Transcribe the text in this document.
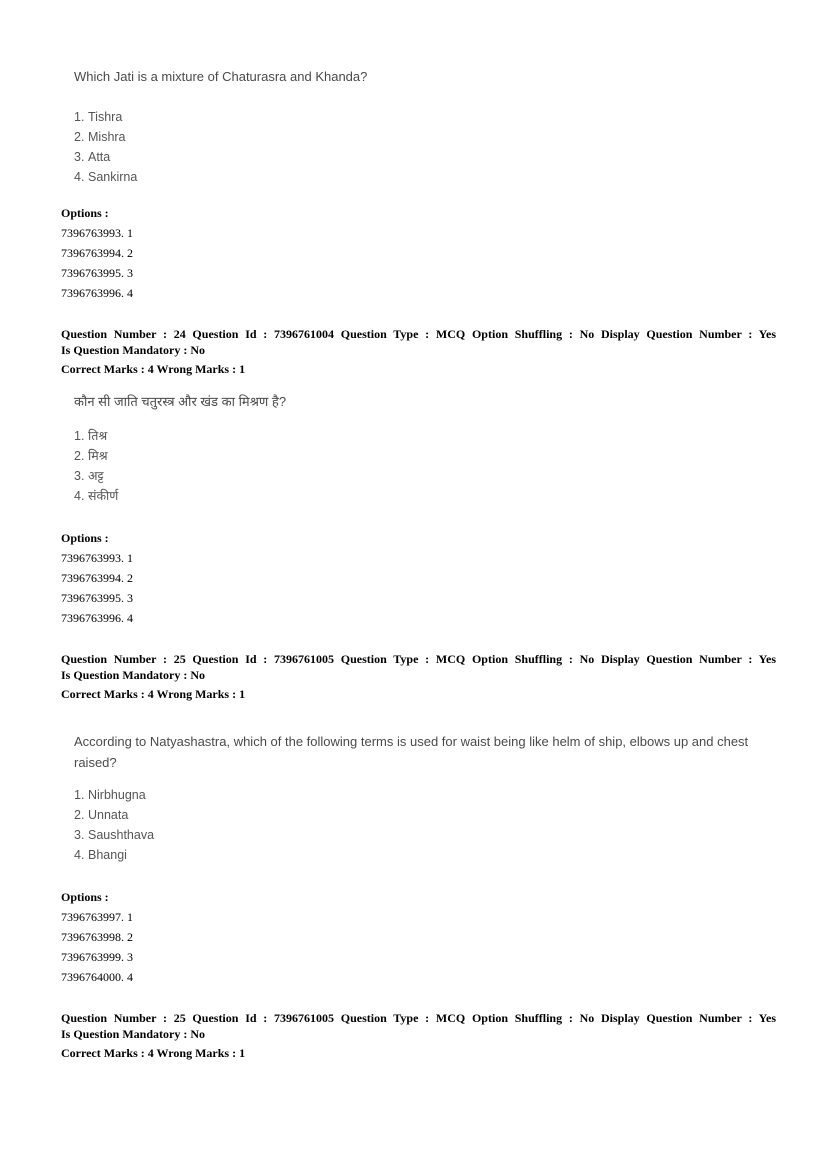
Which Jati is a mixture of Chaturasra and Khanda?
1. Tishra
2. Mishra
3. Atta
4. Sankirna
Options :
7396763993. 1
7396763994. 2
7396763995. 3
7396763996. 4
Question Number : 24 Question Id : 7396761004 Question Type : MCQ Option Shuffling : No Display Question Number : Yes
Is Question Mandatory : No
Correct Marks : 4 Wrong Marks : 1
कौन सी जाति चतुरस्त्र और खंड का मिश्रण है?
1. तिश्र
2. मिश्र
3. अट्ट
4. संकीर्ण
Options :
7396763993. 1
7396763994. 2
7396763995. 3
7396763996. 4
Question Number : 25 Question Id : 7396761005 Question Type : MCQ Option Shuffling : No Display Question Number : Yes
Is Question Mandatory : No
Correct Marks : 4 Wrong Marks : 1
According to Natyashastra, which of the following terms is used for waist being like helm of ship, elbows up and chest raised?
1. Nirbhugna
2. Unnata
3. Saushthava
4. Bhangi
Options :
7396763997. 1
7396763998. 2
7396763999. 3
7396764000. 4
Question Number : 25 Question Id : 7396761005 Question Type : MCQ Option Shuffling : No Display Question Number : Yes
Is Question Mandatory : No
Correct Marks : 4 Wrong Marks : 1
